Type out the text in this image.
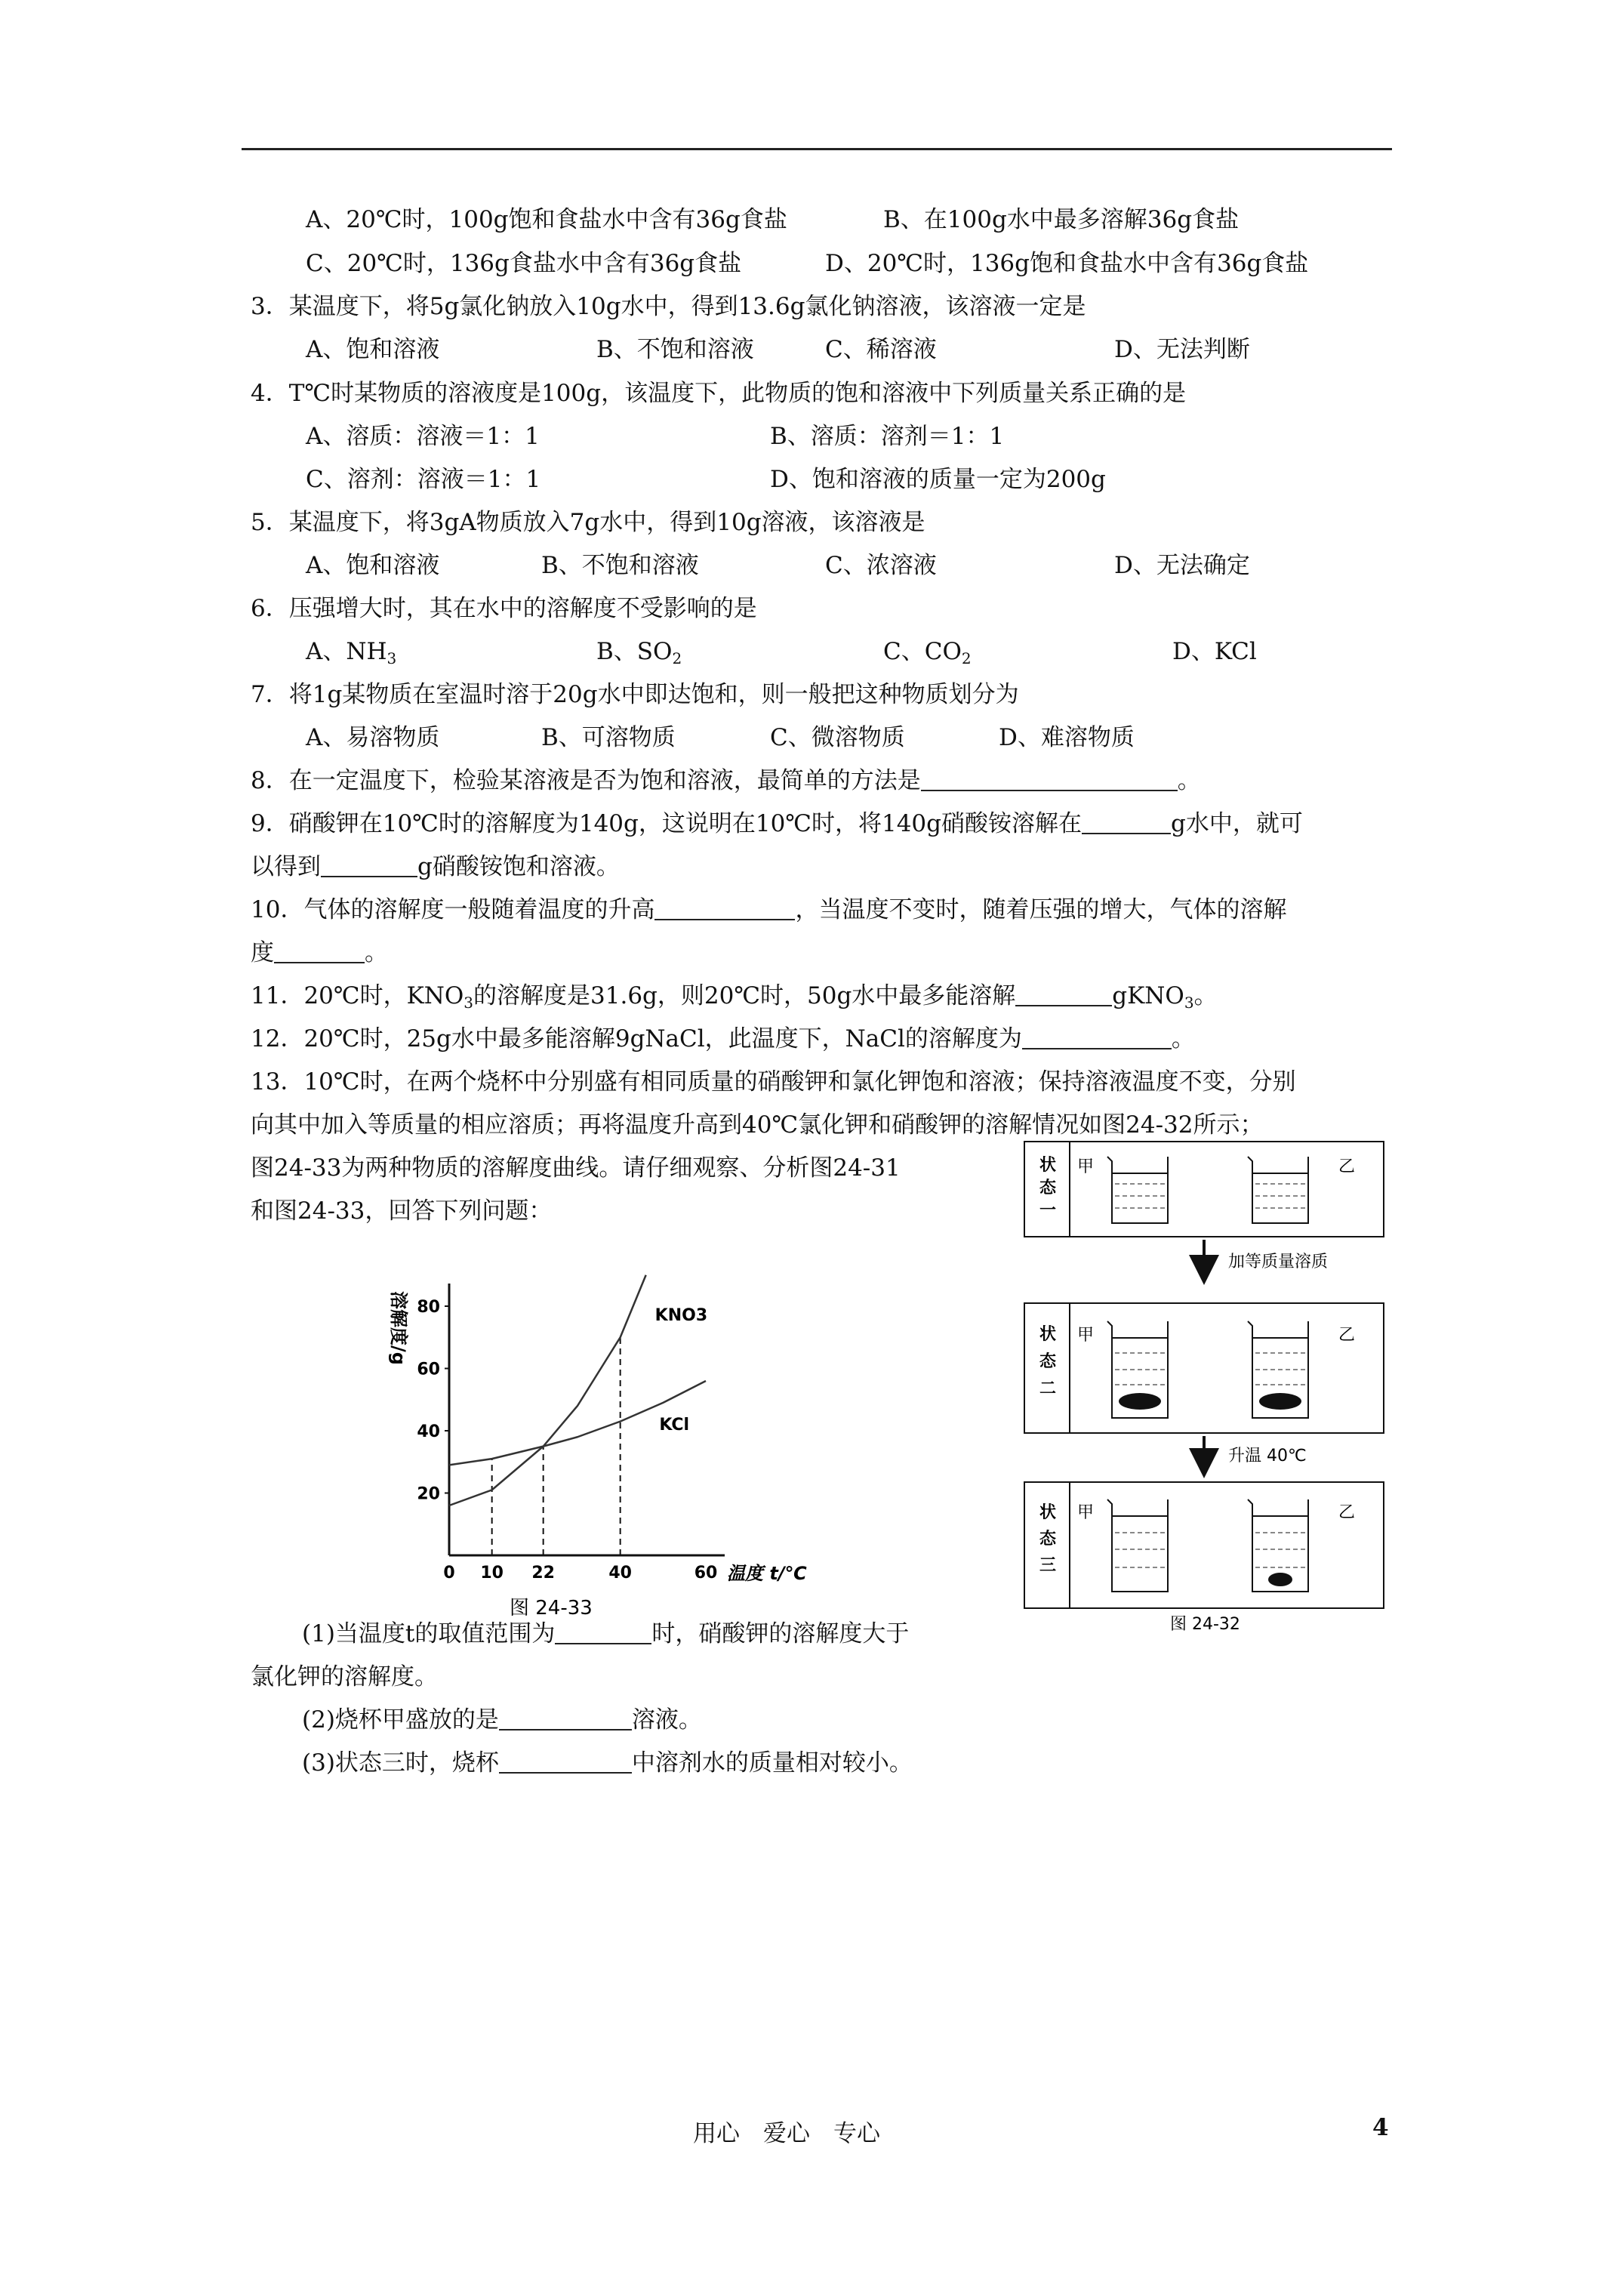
A、20℃时，100g饱和食盐水中含有36g食盐	B、在100g水中最多溶解36g食盐
C、20℃时，136g食盐水中含有36g食盐	D、20℃时，136g饱和食盐水中含有36g食盐
3．某温度下，将5g氯化钠放入10g水中，得到13.6g氯化钠溶液，该溶液一定是
A、饱和溶液	B、不饱和溶液	C、稀溶液	D、无法判断
4．T℃时某物质的溶液度是100g，该温度下，此物质的饱和溶液中下列质量关系正确的是
A、溶质：溶液＝1：1	B、溶质：溶剂＝1：1
C、溶剂：溶液＝1：1	D、饱和溶液的质量一定为200g
5．某温度下，将3gA物质放入7g水中，得到10g溶液，该溶液是
A、饱和溶液	B、不饱和溶液	C、浓溶液	D、无法确定
6．压强增大时，其在水中的溶解度不受影响的是
A、$NH_3$	B、$SO_2$	C、$CO_2$	D、KCl
7．将1g某物质在室温时溶于20g水中即达饱和，则一般把这种物质划分为
A、易溶物质	B、可溶物质	C、微溶物质	D、难溶物质
8．在一定温度下，检验某溶液是否为饱和溶液，最简单的方法是	。
9．硝酸钾在10℃时的溶解度为140g，这说明在10℃时，将140g硝酸铵溶解在	g水中，就可
以得到	g硝酸铵饱和溶液。
10．气体的溶解度一般随着温度的升高	，当温度不变时，随着压强的增大，气体的溶解
度	。
11．20℃时，$KNO_3$的溶解度是31.6g，则20℃时，50g水中最多能溶解	gKNO$_3$。
12．20℃时，25g水中最多能溶解9gNaCl，此温度下，NaCl的溶解度为	。
13．10℃时，在两个烧杯中分别盛有相同质量的硝酸钾和氯化钾饱和溶液；保持溶液温度不变，分别
向其中加入等质量的相应溶质；再将温度升高到40℃氯化钾和硝酸钾的溶解情况如图24-32所示；
图24-33为两种物质的溶解度曲线。请仔细观察、分析图24-31
和图24-33，回答下列问题：
0 10 22	40	60
20
40
60
80
温度 t/℃
溶解度/g	KNO3
KCl
图 24-33
状
态
一
状
态
二
状
态
三
甲	乙
甲	乙
甲	乙
加等质量溶质
升温 40℃
图 24-32
(1)当温度t的取值范围为	时，硝酸钾的溶解度大于
氯化钾的溶解度。
(2)烧杯甲盛放的是	溶液。
(3)状态三时，烧杯	中溶剂水的质量相对较小。
用心　爱心　专心	4
